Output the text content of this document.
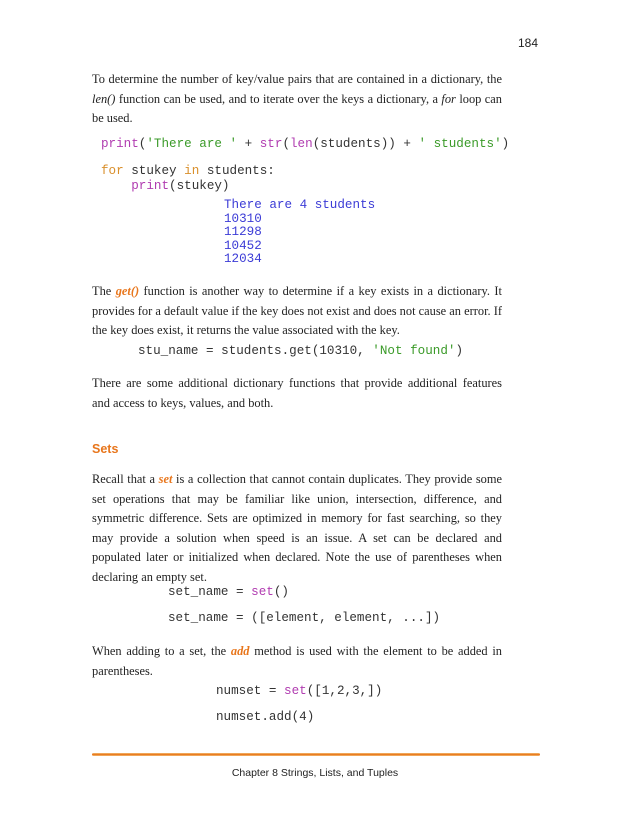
184
To determine the number of key/value pairs that are contained in a dictionary, the len() function can be used, and to iterate over the keys a dictionary, a for loop can be used.
print('There are ' + str(len(students)) + ' students')
for stukey in students:
print(stukey)
There are 4 students
10310
11298
10452
12034
The get() function is another way to determine if a key exists in a dictionary. It provides for a default value if the key does not exist and does not cause an error. If the key does exist, it returns the value associated with the key.
stu_name = students.get(10310, 'Not found')
There are some additional dictionary functions that provide additional features and access to keys, values, and both.
Sets
Recall that a set is a collection that cannot contain duplicates. They provide some set operations that may be familiar like union, intersection, difference, and symmetric difference. Sets are optimized in memory for fast searching, so they may provide a solution when speed is an issue. A set can be declared and populated later or initialized when declared. Note the use of parentheses when declaring an empty set.
set_name = set()
set_name = ([element, element, ...])
When adding to a set, the add method is used with the element to be added in parentheses.
numset = set([1,2,3,])
numset.add(4)
Chapter 8 Strings, Lists, and Tuples
